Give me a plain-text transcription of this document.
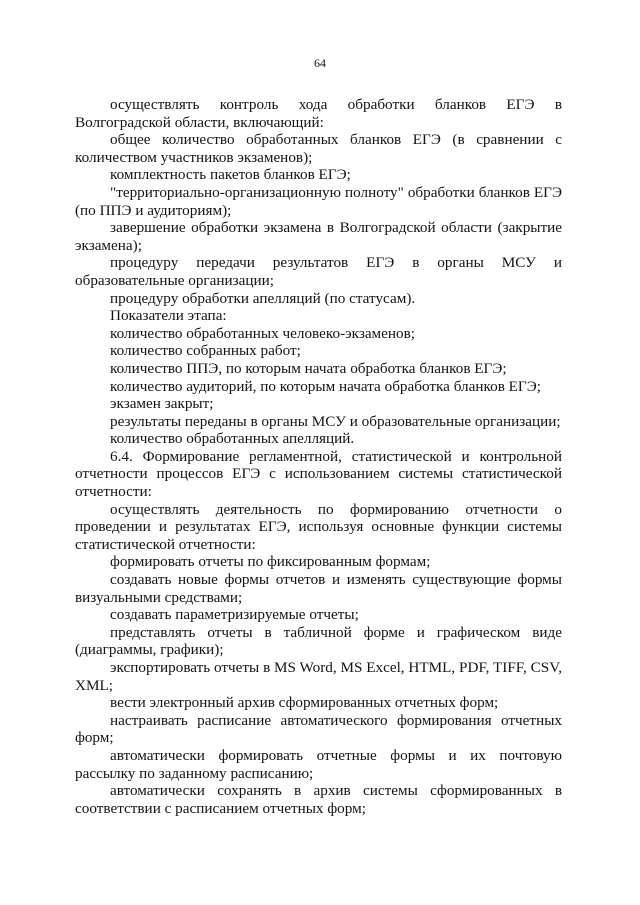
64

осуществлять контроль хода обработки бланков ЕГЭ в Волгоградской области, включающий:

общее количество обработанных бланков ЕГЭ (в сравнении с количеством участников экзаменов);

комплектность пакетов бланков ЕГЭ;

"территориально-организационную полноту" обработки бланков ЕГЭ (по ППЭ и аудиториям);

завершение обработки экзамена в Волгоградской области (закрытие экзамена);

процедуру передачи результатов ЕГЭ в органы МСУ и образовательные организации;

процедуру обработки апелляций (по статусам).

Показатели этапа:

количество обработанных человеко-экзаменов;

количество собранных работ;

количество ППЭ, по которым начата обработка бланков ЕГЭ;

количество аудиторий, по которым начата обработка бланков ЕГЭ;

экзамен закрыт;

результаты переданы в органы МСУ и образовательные организации;

количество обработанных апелляций.

6.4. Формирование регламентной, статистической и контрольной отчетности процессов ЕГЭ с использованием системы статистической отчетности:

осуществлять деятельность по формированию отчетности о проведении и результатах ЕГЭ, используя основные функции системы статистической отчетности:

формировать отчеты по фиксированным формам;

создавать новые формы отчетов и изменять существующие формы визуальными средствами;

создавать параметризируемые отчеты;

представлять отчеты в табличной форме и графическом виде (диаграммы, графики);

экспортировать отчеты в MS Word, MS Excel, HTML, PDF, TIFF, CSV, XML;

вести электронный архив сформированных отчетных форм;

настраивать расписание автоматического формирования отчетных форм;

автоматически формировать отчетные формы и их почтовую рассылку по заданному расписанию;

автоматически сохранять в архив системы сформированных в соответствии с расписанием отчетных форм;
